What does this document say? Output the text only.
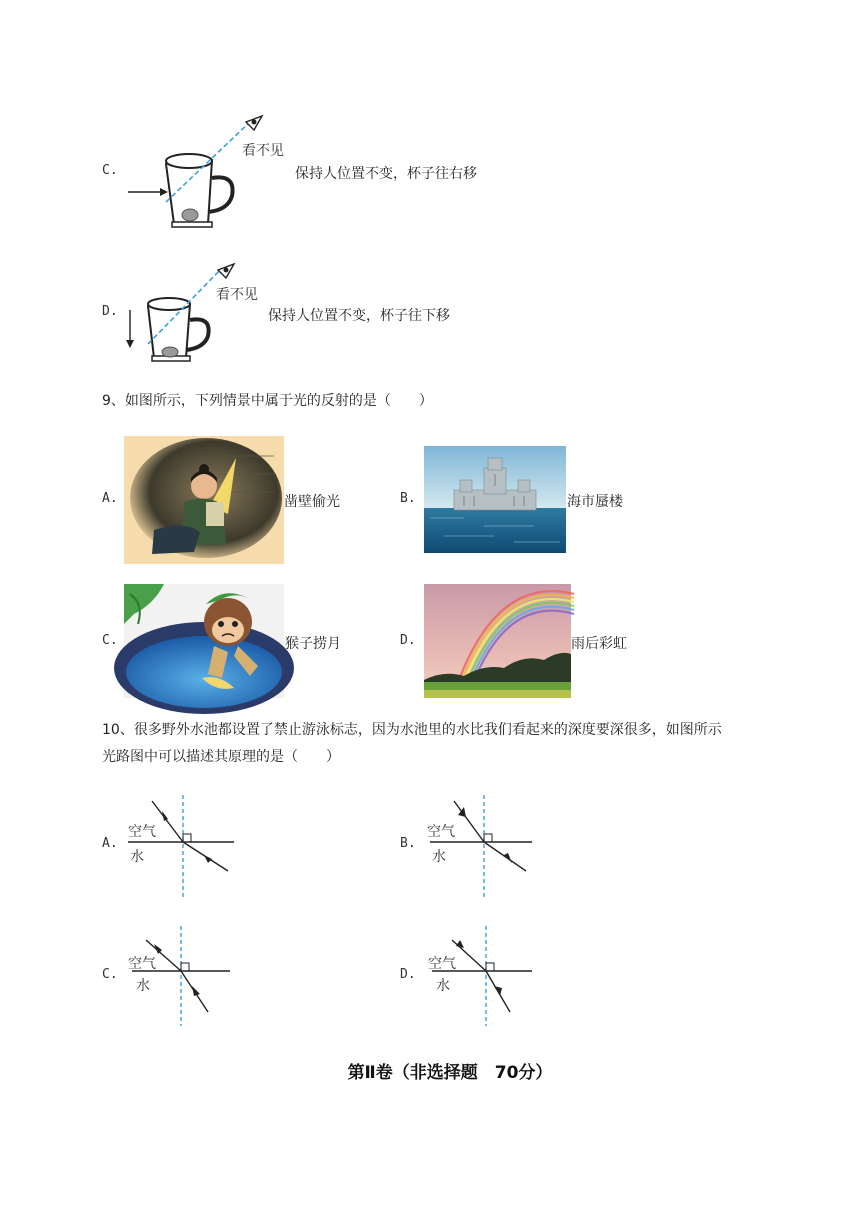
C.
看不见
保持人位置不变，杯子往右移
D.
看不见
保持人位置不变，杯子往下移
9、如图所示，下列情景中属于光的反射的是（　　）
A.	凿壁偷光	B.	海市蜃楼
C.	猴子捞月	D.	雨后彩虹
10、很多野外水池都设置了禁止游泳标志，因为水池里的水比我们看起来的深度要深很多，如图所示
光路图中可以描述其原理的是（　　）
A.
空气
水
B.
空气
水
C.
空气
水
D.
空气
水
第Ⅱ卷（非选择题　70分）
